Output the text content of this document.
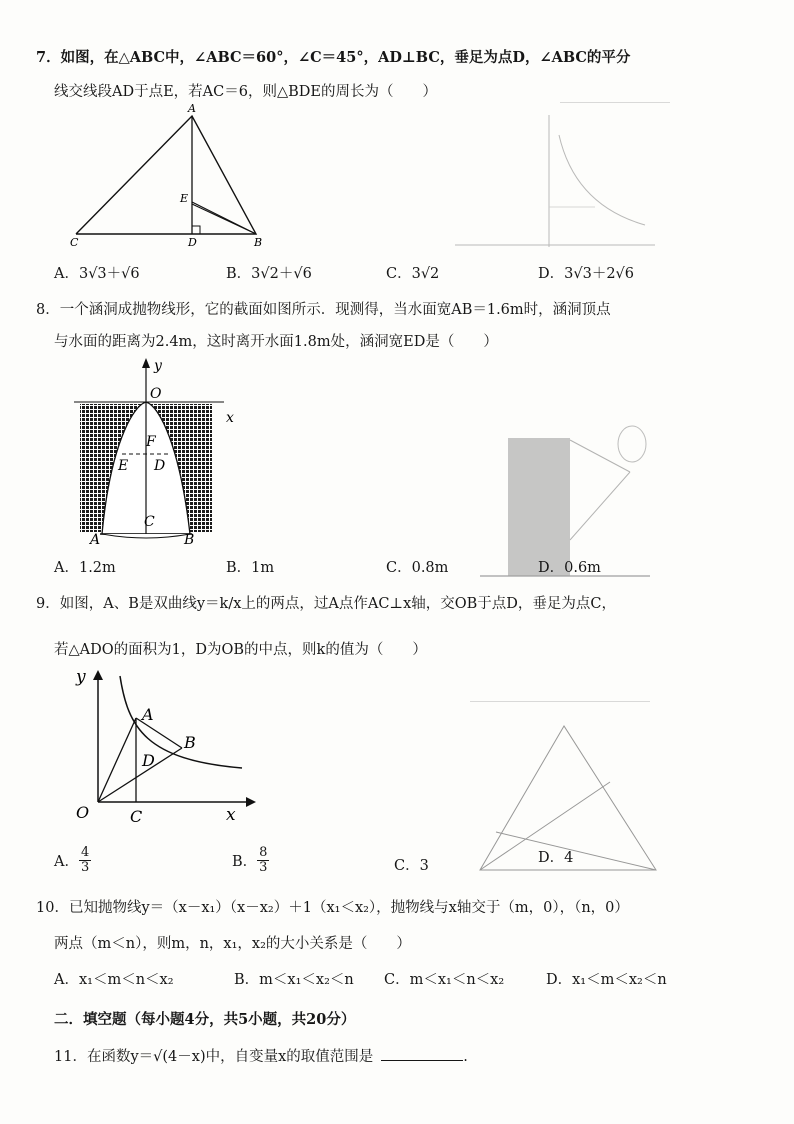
7．如图，在△ABC中，∠ABC＝60°，∠C＝45°，AD⊥BC，垂足为点D，∠ABC的平分
线交线段AD于点E，若AC＝6，则△BDE的周长为（　　）
A
E
C	D	B
A．3√3＋√6	B．3√2＋√6	C．3√2	D．3√3＋2√6
8．一个涵洞成抛物线形，它的截面如图所示．现测得，当水面宽AB＝1.6m时，涵洞顶点
与水面的距离为2.4m，这时离开水面1.8m处，涵洞宽ED是（　　）
y
O
x
F
E D
C
A	B
A．1.2m	B．1m	C．0.8m	D．0.6m
9．如图，A、B是双曲线y＝k/x上的两点，过A点作AC⊥x轴，交OB于点D，垂足为点C，
若△ADO的面积为1，D为OB的中点，则k的值为（　　）
y
A
B
D
O	C	x
A． $\frac{4}{3}$	B． $\frac{8}{3}$	C．3	D．4
10．已知抛物线y＝（x－x₁）（x－x₂）＋1（x₁＜x₂），抛物线与x轴交于（m，0），（n，0）
两点（m＜n），则m，n，x₁，x₂的大小关系是（　　）
A．x₁＜m＜n＜x₂	B．m＜x₁＜x₂＜n C．m＜x₁＜n＜x₂	D．x₁＜m＜x₂＜n
二．填空题（每小题4分，共5小题，共20分）
11．在函数y＝√(4－x)中，自变量x的取值范围是	.
